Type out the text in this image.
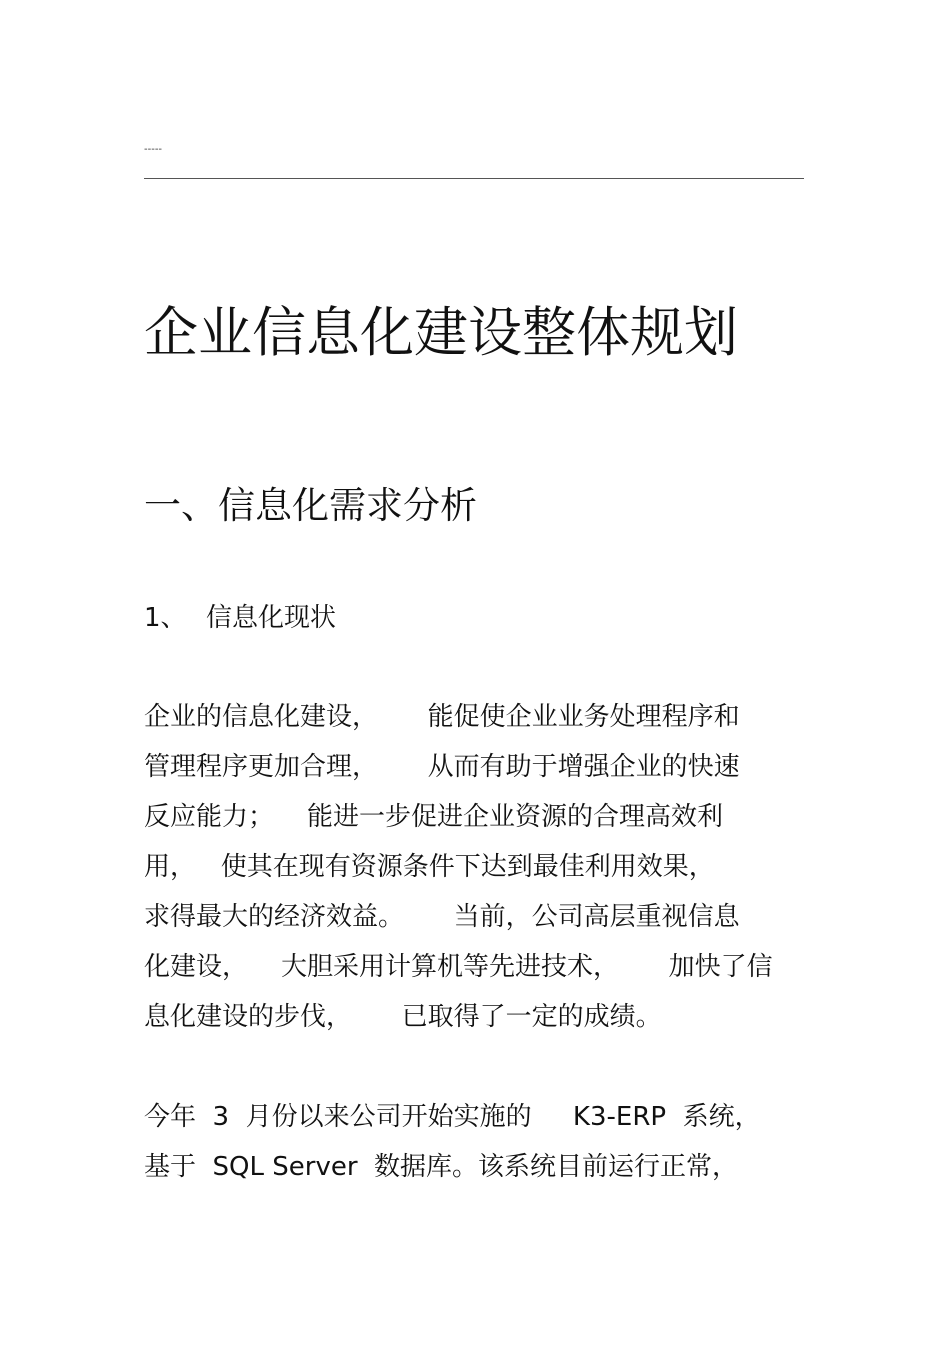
-----
企业信息化建设整体规划
一、信息化需求分析
1、 信息化现状
企业的信息化建设，      能促使企业业务处理程序和
管理程序更加合理，      从而有助于增强企业的快速
反应能力；    能进一步促进企业资源的合理高效利
用，   使其在现有资源条件下达到最佳利用效果，
求得最大的经济效益。      当前，公司高层重视信息
化建设，    大胆采用计算机等先进技术，      加快了信
息化建设的步伐，      已取得了一定的成绩。
今年  3  月份以来公司开始实施的     K3-ERP  系统，
基于  SQL Server  数据库。该系统目前运行正常，
